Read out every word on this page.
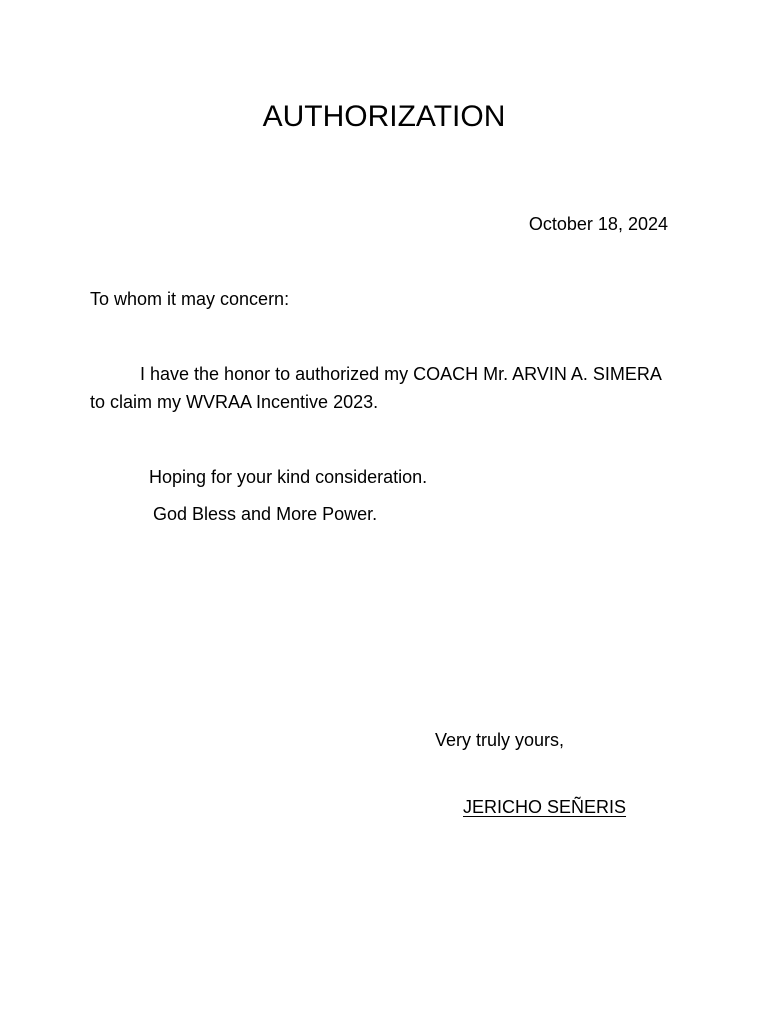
AUTHORIZATION
October 18, 2024
To whom it may concern:
I have the honor to authorized my COACH Mr. ARVIN A. SIMERA
to claim my WVRAA Incentive 2023.
Hoping for your kind consideration.
God Bless and More Power.
Very truly yours,
JERICHO SEÑERIS
